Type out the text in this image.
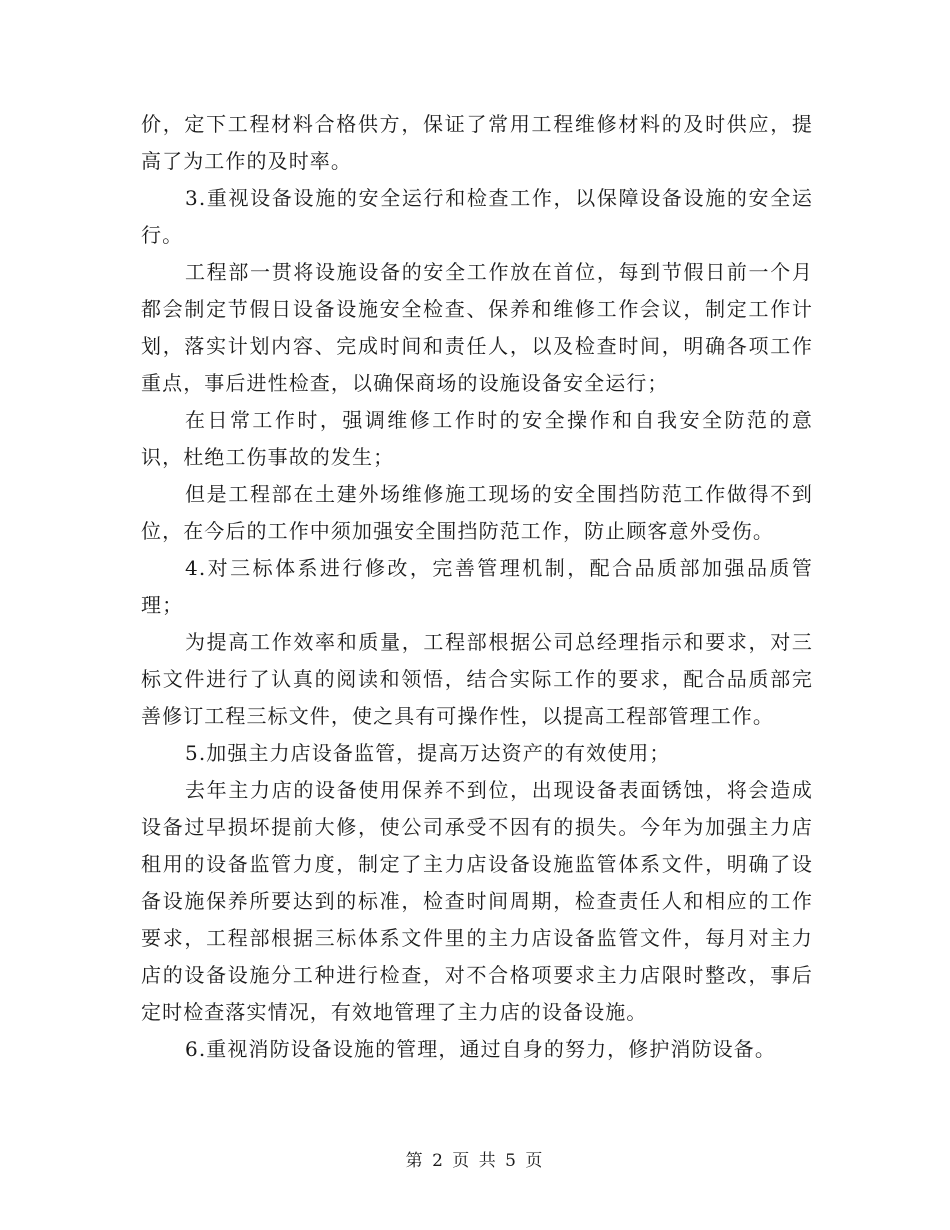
价，定下工程材料合格供方，保证了常用工程维修材料的及时供应，提高了为工作的及时率。

3.重视设备设施的安全运行和检查工作，以保障设备设施的安全运行。

工程部一贯将设施设备的安全工作放在首位，每到节假日前一个月都会制定节假日设备设施安全检查、保养和维修工作会议，制定工作计划，落实计划内容、完成时间和责任人，以及检查时间，明确各项工作重点，事后进性检查，以确保商场的设施设备安全运行；

在日常工作时，强调维修工作时的安全操作和自我安全防范的意识，杜绝工伤事故的发生；

但是工程部在土建外场维修施工现场的安全围挡防范工作做得不到位，在今后的工作中须加强安全围挡防范工作，防止顾客意外受伤。

4.对三标体系进行修改，完善管理机制，配合品质部加强品质管理；

为提高工作效率和质量，工程部根据公司总经理指示和要求，对三标文件进行了认真的阅读和领悟，结合实际工作的要求，配合品质部完善修订工程三标文件，使之具有可操作性，以提高工程部管理工作。

5.加强主力店设备监管，提高万达资产的有效使用；

去年主力店的设备使用保养不到位，出现设备表面锈蚀，将会造成设备过早损坏提前大修，使公司承受不因有的损失。今年为加强主力店租用的设备监管力度，制定了主力店设备设施监管体系文件，明确了设备设施保养所要达到的标准，检查时间周期，检查责任人和相应的工作要求，工程部根据三标体系文件里的主力店设备监管文件，每月对主力店的设备设施分工种进行检查，对不合格项要求主力店限时整改，事后定时检查落实情况，有效地管理了主力店的设备设施。

6.重视消防设备设施的管理，通过自身的努力，修护消防设备。

第 2 页 共 5 页
